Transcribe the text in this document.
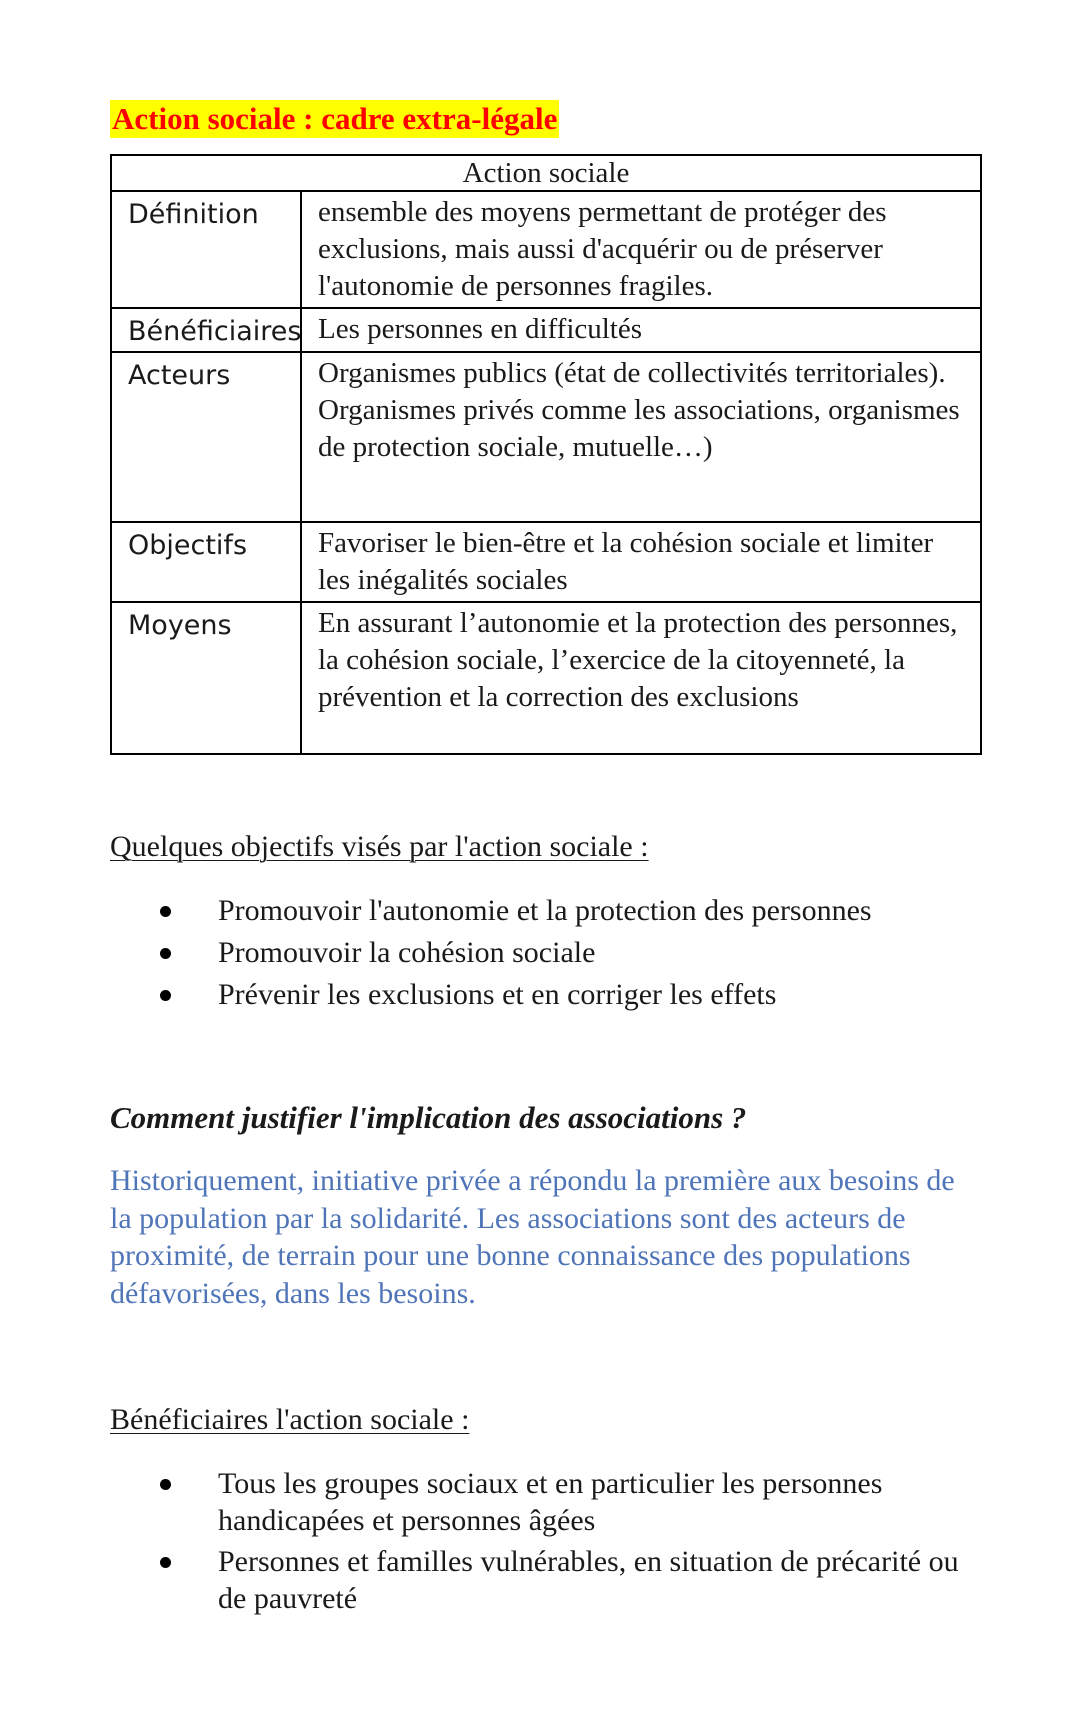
Action sociale : cadre extra-légale
Action sociale	
Définition	ensemble des moyens permettant de protéger des exclusions, mais aussi d'acquérir ou de préserver l'autonomie de personnes fragiles.
Bénéficiaires	Les personnes en difficultés
Acteurs	Organismes publics (état de collectivités territoriales). Organismes privés comme les associations, organismes de protection sociale, mutuelle…)
Objectifs	Favoriser le bien-être et la cohésion sociale et limiter les inégalités sociales
Moyens	En assurant l’autonomie et la protection des personnes, la cohésion sociale, l’exercice de la citoyenneté, la prévention et la correction des exclusions

Quelques objectifs visés par l'action sociale :

Promouvoir l'autonomie et la protection des personnes
Promouvoir la cohésion sociale
Prévenir les exclusions et en corriger les effets

Comment justifier l'implication des associations ?

Historiquement, initiative privée a répondu la première aux besoins de la population par la solidarité. Les associations sont des acteurs de proximité, de terrain pour une bonne connaissance des populations défavorisées, dans les besoins.

Bénéficiaires l'action sociale :

Tous les groupes sociaux et en particulier les personnes handicapées et personnes âgées
Personnes et familles vulnérables, en situation de précarité ou de pauvreté
